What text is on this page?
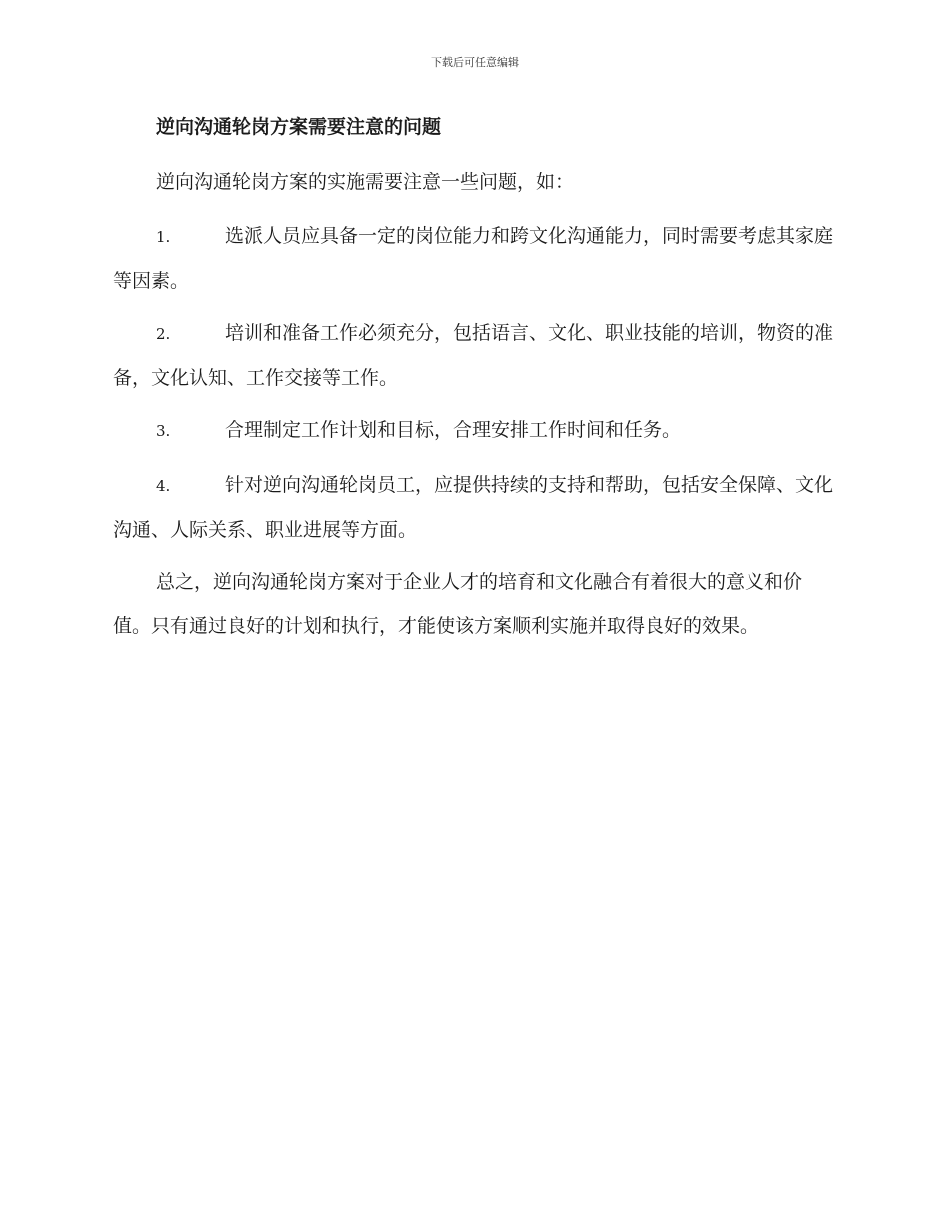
下载后可任意编辑
逆向沟通轮岗方案需要注意的问题

逆向沟通轮岗方案的实施需要注意一些问题，如：

1.	选派人员应具备一定的岗位能力和跨文化沟通能力，同时需要考虑其家庭等因素。

2.	培训和准备工作必须充分，包括语言、文化、职业技能的培训，物资的准备，文化认知、工作交接等工作。

3.	合理制定工作计划和目标，合理安排工作时间和任务。

4.	针对逆向沟通轮岗员工，应提供持续的支持和帮助，包括安全保障、文化沟通、人际关系、职业进展等方面。

总之，逆向沟通轮岗方案对于企业人才的培育和文化融合有着很大的意义和价值。只有通过良好的计划和执行，才能使该方案顺利实施并取得良好的效果。
